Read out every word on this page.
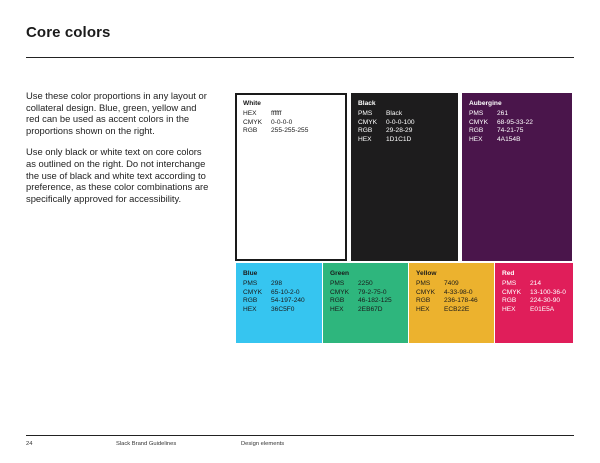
Core colors

Use these color proportions in any layout or collateral design. Blue, green, yellow and red can be used as accent colors in the proportions shown on the right.

Use only black or white text on core colors as outlined on the right. Do not interchange the use of black and white text according to preference, as these color combinations are specifically approved for accessibility.

White
HEX	ffffff
CMYK	0-0-0-0
RGB	255-255-255
Black
PMS	Black
CMYK	0-0-0-100
RGB	29-28-29
HEX	1D1C1D
Aubergine
PMS	261
CMYK	68-95-33-22
RGB	74-21-75
HEX	4A154B
Blue
PMS	298
CMYK	65-10-2-0
RGB	54-197-240
HEX	36C5F0
Green
PMS	2250
CMYK	79-2-75-0
RGB	46-182-125
HEX	2EB67D
Yellow
PMS	7409
CMYK	4-33-98-0
RGB	236-178-46
HEX	ECB22E
Red
PMS	214
CMYK	13-100-36-0
RGB	224-30-90
HEX	E01E5A
24	Slack Brand Guidelines	Design elements
